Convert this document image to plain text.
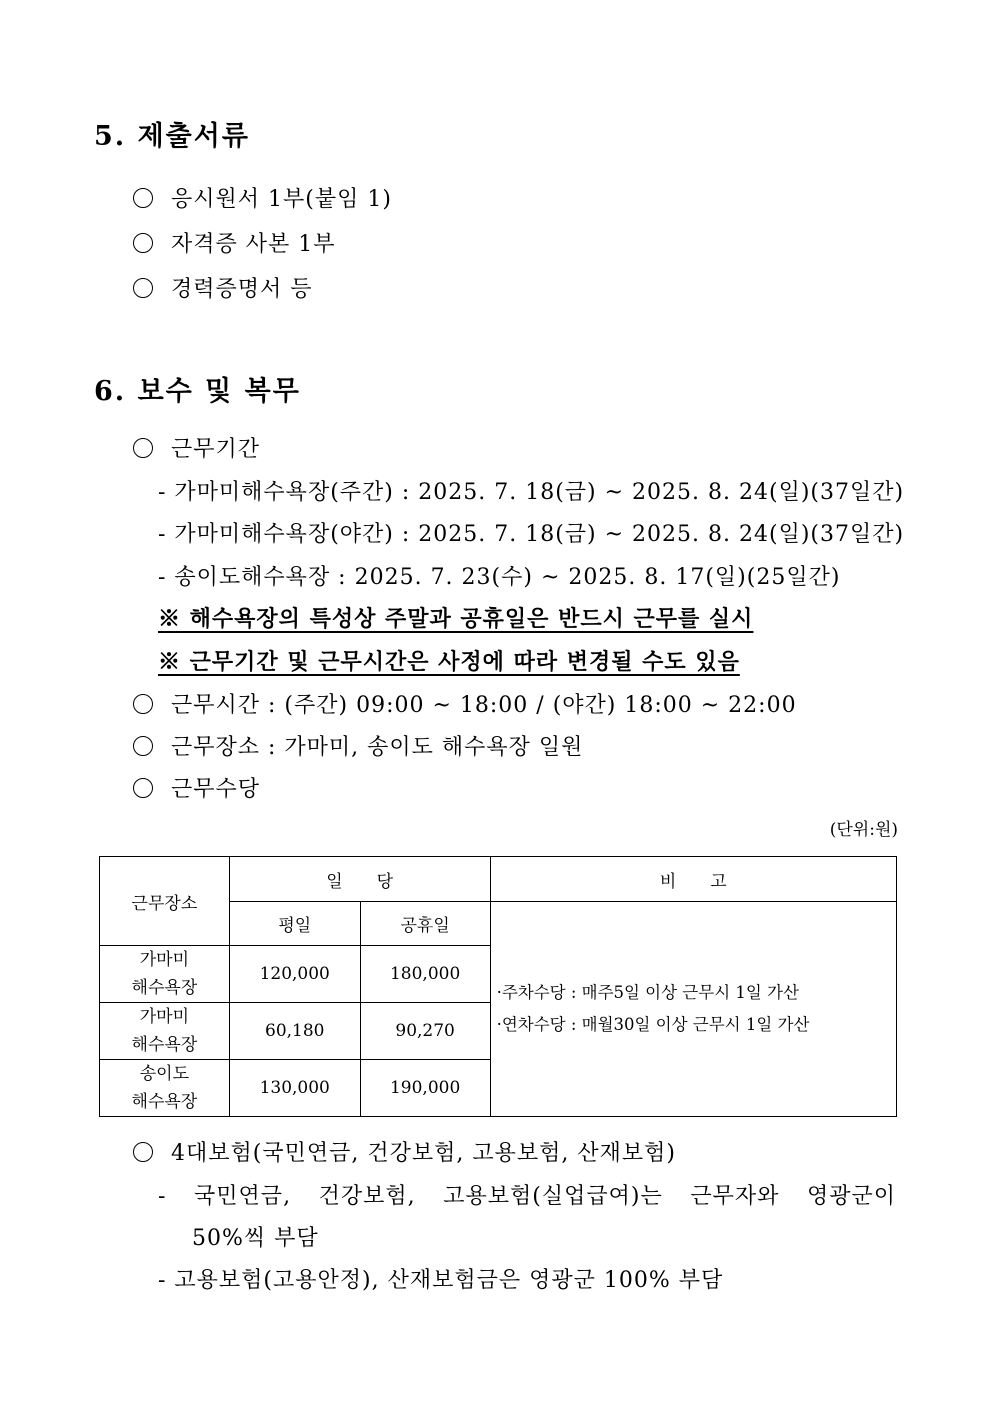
5. 제출서류
응시원서 1부(붙임 1)
자격증 사본 1부
경력증명서 등
6. 보수 및 복무
근무기간
- 가마미해수욕장(주간) : 2025. 7. 18(금) ~ 2025. 8. 24(일)(37일간)
- 가마미해수욕장(야간) : 2025. 7. 18(금) ~ 2025. 8. 24(일)(37일간)
- 송이도해수욕장 : 2025. 7. 23(수) ~ 2025. 8. 17(일)(25일간)
※ 해수욕장의 특성상 주말과 공휴일은 반드시 근무를 실시
※ 근무기간 및 근무시간은 사정에 따라 변경될 수도 있음
근무시간 : (주간) 09:00 ~ 18:00 / (야간) 18:00 ~ 22:00
근무장소 : 가마미, 송이도 해수욕장 일원
근무수당
(단위:원)
근무장소	일　　당		비　　고
	평일	공휴일	·주차수당 : 매주5일 이상 근무시 1일 가산
·연차수당 : 매월30일 이상 근무시 1일 가산

가마미
해수욕장	120,000	180,000	

가마미
해수욕장	60,180	90,270	

송이도
해수욕장	130,000	190,000	
4대보험(국민연금, 건강보험, 고용보험, 산재보험)
- 국민연금, 건강보험, 고용보험(실업급여)는 근무자와 영광군이
50%씩 부담
- 고용보험(고용안정), 산재보험금은 영광군 100% 부담
